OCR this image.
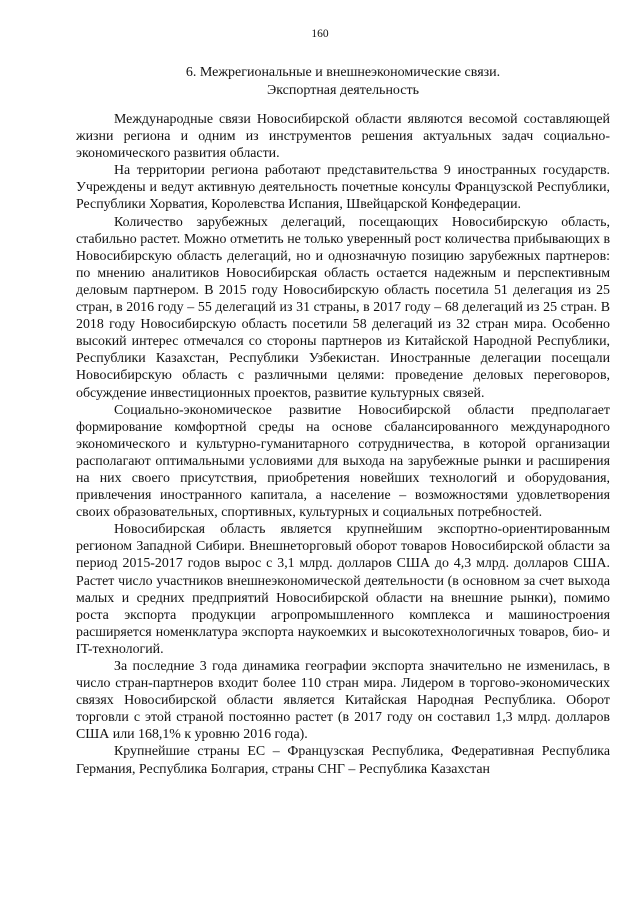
160
6. Межрегиональные и внешнеэкономические связи.
Экспортная деятельность

Международные связи Новосибирской области являются весомой составляющей жизни региона и одним из инструментов решения актуальных задач социально-экономического развития области.

На территории региона работают представительства 9 иностранных государств. Учреждены и ведут активную деятельность почетные консулы Французской Республики, Республики Хорватия, Королевства Испания, Швейцарской Конфедерации.

Количество зарубежных делегаций, посещающих Новосибирскую область, стабильно растет. Можно отметить не только уверенный рост количества прибывающих в Новосибирскую область делегаций, но и однозначную позицию зарубежных партнеров: по мнению аналитиков Новосибирская область остается надежным и перспективным деловым партнером. В 2015 году Новосибирскую область посетила 51 делегация из 25 стран, в 2016 году – 55 делегаций из 31 страны, в 2017 году – 68 делегаций из 25 стран. В 2018 году Новосибирскую область посетили 58 делегаций из 32 стран мира. Особенно высокий интерес отмечался со стороны партнеров из Китайской Народной Республики, Республики Казахстан, Республики Узбекистан. Иностранные делегации посещали Новосибирскую область с различными целями: проведение деловых переговоров, обсуждение инвестиционных проектов, развитие культурных связей.

Социально-экономическое развитие Новосибирской области предполагает формирование комфортной среды на основе сбалансированного международного экономического и культурно-гуманитарного сотрудничества, в которой организации располагают оптимальными условиями для выхода на зарубежные рынки и расширения на них своего присутствия, приобретения новейших технологий и оборудования, привлечения иностранного капитала, а население – возможностями удовлетворения своих образовательных, спортивных, культурных и социальных потребностей.

Новосибирская область является крупнейшим экспортно-ориентированным регионом Западной Сибири. Внешнеторговый оборот товаров Новосибирской области за период 2015-2017 годов вырос с 3,1 млрд. долларов США до 4,3 млрд. долларов США. Растет число участников внешнеэкономической деятельности (в основном за счет выхода малых и средних предприятий Новосибирской области на внешние рынки), помимо роста экспорта продукции агропромышленного комплекса и машиностроения расширяется номенклатура экспорта наукоемких и высокотехнологичных товаров, био- и IT-технологий.

За последние 3 года динамика географии экспорта значительно не изменилась, в число стран-партнеров входит более 110 стран мира. Лидером в торгово-экономических связях Новосибирской области является Китайская Народная Республика. Оборот торговли с этой страной постоянно растет (в 2017 году он составил 1,3 млрд. долларов США или 168,1% к уровню 2016 года).

Крупнейшие страны ЕС – Французская Республика, Федеративная Республика Германия, Республика Болгария, страны СНГ – Республика Казахстан
